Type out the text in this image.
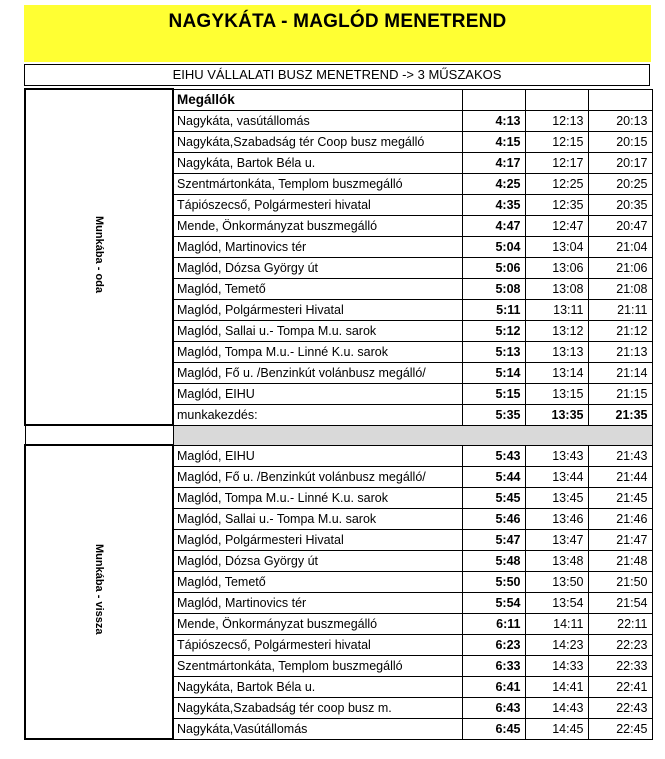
NAGYKÁTA - MAGLÓD MENETREND
EIHU VÁLLALATI BUSZ MENETREND -> 3 MŰSZAKOS
Munkába - oda	Megállók			
	Nagykáta, vasútállomás	4:13	12:13	20:13
	Nagykáta,Szabadság tér Coop busz megálló	4:15	12:15	20:15
	Nagykáta, Bartok Béla u.	4:17	12:17	20:17
	Szentmártonkáta, Templom buszmegálló	4:25	12:25	20:25
	Tápiószecső, Polgármesteri hivatal	4:35	12:35	20:35
	Mende, Önkormányzat buszmegálló	4:47	12:47	20:47
	Maglód, Martinovics tér	5:04	13:04	21:04
	Maglód, Dózsa György út	5:06	13:06	21:06
	Maglód, Temető	5:08	13:08	21:08
	Maglód, Polgármesteri Hivatal	5:11	13:11	21:11
	Maglód, Sallai u.- Tompa M.u. sarok	5:12	13:12	21:12
	Maglód, Tompa M.u.- Linné K.u. sarok	5:13	13:13	21:13
	Maglód, Fő u. /Benzinkút volánbusz megálló/	5:14	13:14	21:14
	Maglód, EIHU	5:15	13:15	21:15
	munkakezdés:	5:35	13:35	21:35

Munkába - vissza	Maglód, EIHU	5:43	13:43	21:43
	Maglód, Fő u. /Benzinkút volánbusz megálló/	5:44	13:44	21:44
	Maglód, Tompa M.u.- Linné K.u. sarok	5:45	13:45	21:45
	Maglód, Sallai u.- Tompa M.u. sarok	5:46	13:46	21:46
	Maglód, Polgármesteri Hivatal	5:47	13:47	21:47
	Maglód, Dózsa György út	5:48	13:48	21:48
	Maglód, Temető	5:50	13:50	21:50
	Maglód, Martinovics tér	5:54	13:54	21:54
	Mende, Önkormányzat buszmegálló	6:11	14:11	22:11
	Tápiószecső, Polgármesteri hivatal	6:23	14:23	22:23
	Szentmártonkáta, Templom buszmegálló	6:33	14:33	22:33
	Nagykáta, Bartok Béla u.	6:41	14:41	22:41
	Nagykáta,Szabadság tér coop busz m.	6:43	14:43	22:43
	Nagykáta,Vasútállomás	6:45	14:45	22:45
